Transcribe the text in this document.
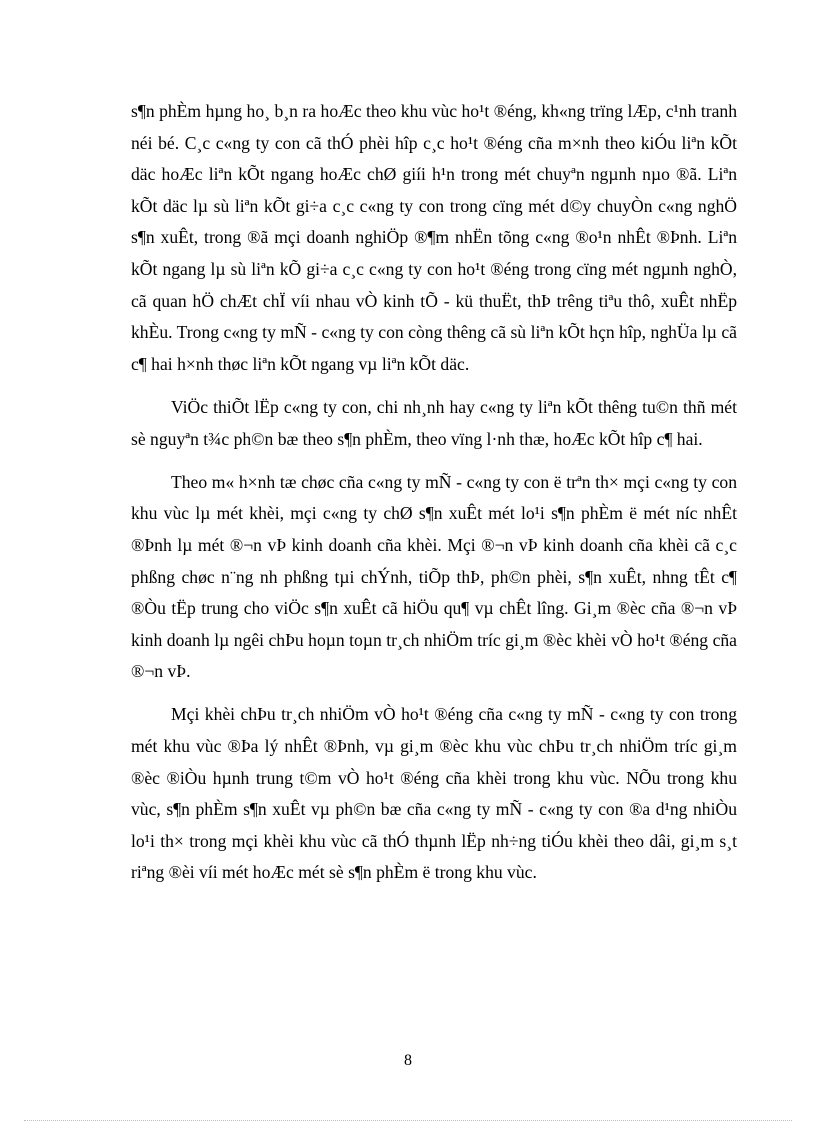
s¶n phÈm hµng ho¸ b¸n ra hoÆc theo khu vùc ho¹t ®éng, kh«ng trïng lÆp, c¹nh tranh néi bé. C¸c c«ng ty con cã thÓ phèi hîp c¸c ho¹t ®éng cña m×nh theo kiÓu liªn kÕt däc hoÆc liªn kÕt ngang hoÆc chØ giíi h¹n trong mét chuyªn ngµnh nµo ®ã. Liªn kÕt däc lµ sù liªn kÕt gi÷a c¸c c«ng ty con trong cïng mét d©y chuyÒn c«ng nghÖ s¶n xuÊt, trong ®ã mçi doanh nghiÖp ®¶m nhËn tõng c«ng ®o¹n nhÊt ®Þnh. Liªn kÕt ngang lµ sù liªn kÕ gi÷a c¸c c«ng ty con ho¹t ®éng trong cïng mét ngµnh nghÒ, cã quan hÖ chÆt chÏ víi nhau vÒ kinh tÕ - kü thuËt, thÞ trêng tiªu thô, xuÊt nhËp khÈu. Trong c«ng ty mÑ - c«ng ty con còng thêng cã sù liªn kÕt hçn hîp, nghÜa lµ cã c¶ hai h×nh thøc liªn kÕt ngang vµ liªn kÕt däc.

ViÖc thiÕt lËp c«ng ty con, chi nh¸nh hay c«ng ty liªn kÕt thêng tu©n thñ mét sè nguyªn t¾c ph©n bæ theo s¶n phÈm, theo vïng l·nh thæ, hoÆc kÕt hîp c¶ hai.

Theo m« h×nh tæ chøc cña c«ng ty mÑ - c«ng ty con ë trªn th× mçi c«ng ty con khu vùc lµ mét khèi, mçi c«ng ty chØ s¶n xuÊt mét lo¹i s¶n phÈm ë mét níc nhÊt ®Þnh lµ mét ®¬n vÞ kinh doanh cña khèi. Mçi ®¬n vÞ kinh doanh cña khèi cã c¸c phßng chøc n¨ng nh phßng tµi chÝnh, tiÕp thÞ, ph©n phèi, s¶n xuÊt, nhng tÊt c¶ ®Òu tËp trung cho viÖc s¶n xuÊt cã hiÖu qu¶ vµ chÊt lîng. Gi¸m ®èc cña ®¬n vÞ kinh doanh lµ ngêi chÞu hoµn toµn tr¸ch nhiÖm tríc gi¸m ®èc khèi vÒ ho¹t ®éng cña ®¬n vÞ.

Mçi khèi chÞu tr¸ch nhiÖm vÒ ho¹t ®éng cña c«ng ty mÑ - c«ng ty con trong mét khu vùc ®Þa lý nhÊt ®Þnh, vµ gi¸m ®èc khu vùc chÞu tr¸ch nhiÖm tríc gi¸m ®èc ®iÒu hµnh trung t©m vÒ ho¹t ®éng cña khèi trong khu vùc. NÕu trong khu vùc, s¶n phÈm s¶n xuÊt vµ ph©n bæ cña c«ng ty mÑ - c«ng ty con ®a d¹ng nhiÒu lo¹i th× trong mçi khèi khu vùc cã thÓ thµnh lËp nh÷ng tiÓu khèi theo dâi, gi¸m s¸t riªng ®èi víi mét hoÆc mét sè s¶n phÈm ë trong khu vùc.

8
